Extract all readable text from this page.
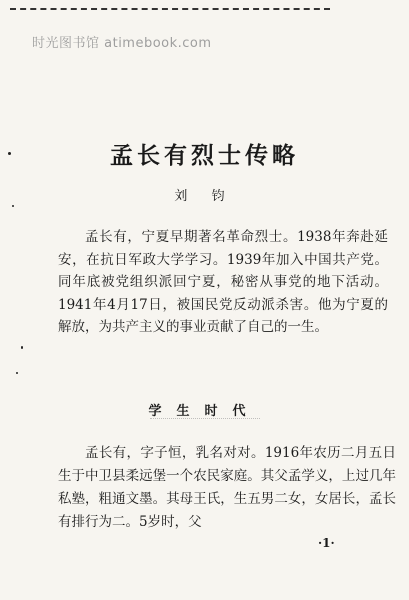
时光图书馆 atimebook.com
孟长有烈士传略
刘 钧

孟长有，宁夏早期著名革命烈士。1938年奔赴延安，在抗日军政大学学习。1939年加入中国共产党。同年底被党组织派回宁夏，秘密从事党的地下活动。1941年4月17日，被国民党反动派杀害。他为宁夏的解放，为共产主义的事业贡献了自己的一生。

学生时代

孟长有，字子恒，乳名对对。1916年农历二月五日生于中卫县柔远堡一个农民家庭。其父孟学义，上过几年私塾，粗通文墨。其母王氏，生五男二女，女居长，孟长有排行为二。5岁时，父

·1·
